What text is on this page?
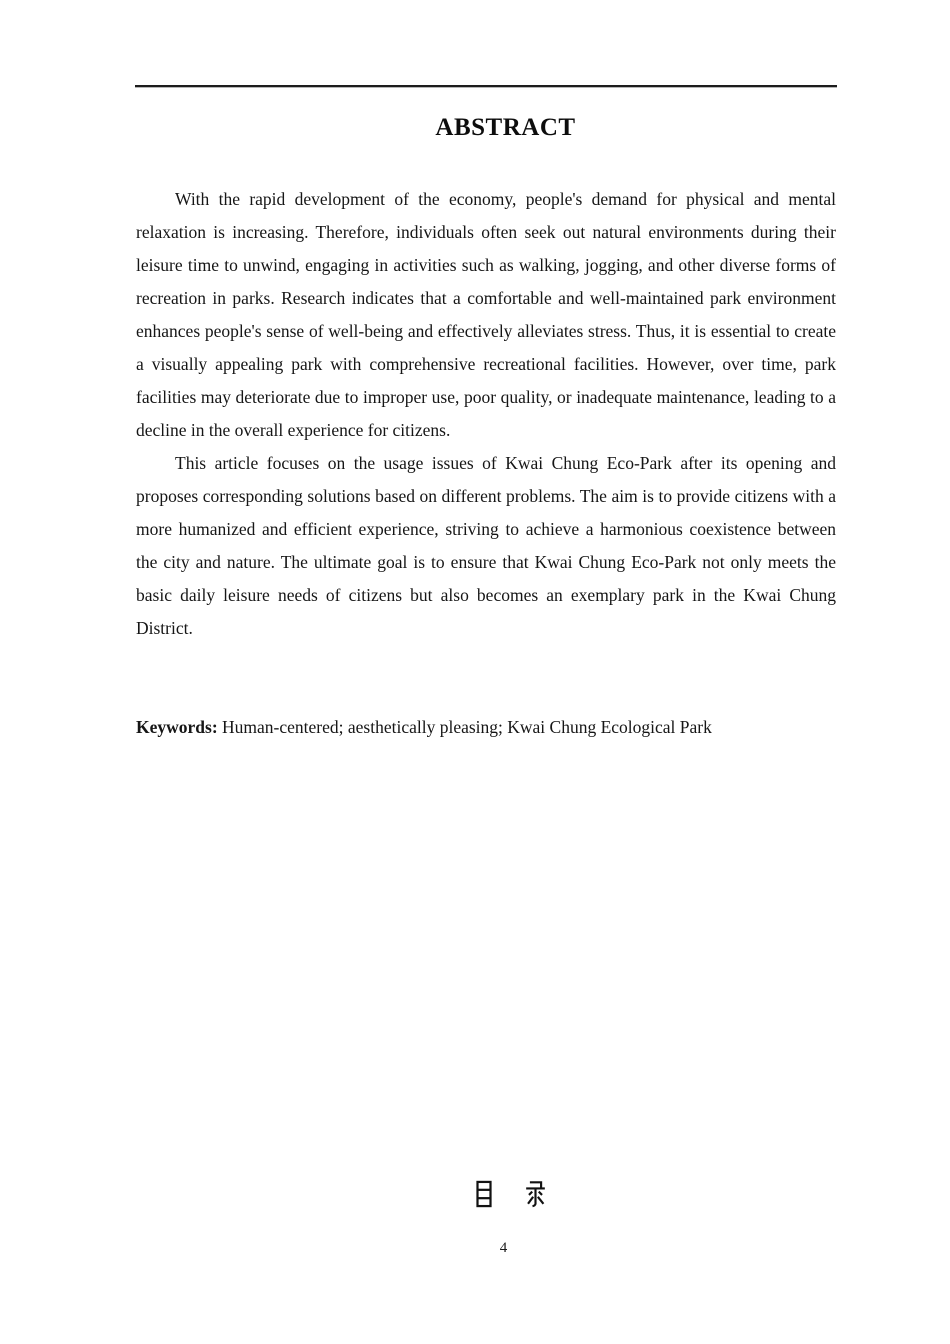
ABSTRACT

With the rapid development of the economy, people's demand for physical and mental relaxation is increasing. Therefore, individuals often seek out natural environments during their leisure time to unwind, engaging in activities such as walking, jogging, and other diverse forms of recreation in parks. Research indicates that a comfortable and well-maintained park environment enhances people's sense of well-being and effectively alleviates stress. Thus, it is essential to create a visually appealing park with comprehensive recreational facilities. However, over time, park facilities may deteriorate due to improper use, poor quality, or inadequate maintenance, leading to a decline in the overall experience for citizens.

This article focuses on the usage issues of Kwai Chung Eco-Park after its opening and proposes corresponding solutions based on different problems. The aim is to provide citizens with a more humanized and efficient experience, striving to achieve a harmonious coexistence between the city and nature. The ultimate goal is to ensure that Kwai Chung Eco-Park not only meets the basic daily leisure needs of citizens but also becomes an exemplary park in the Kwai Chung District.

Keywords: Human-centered; aesthetically pleasing; Kwai Chung Ecological Park
4
